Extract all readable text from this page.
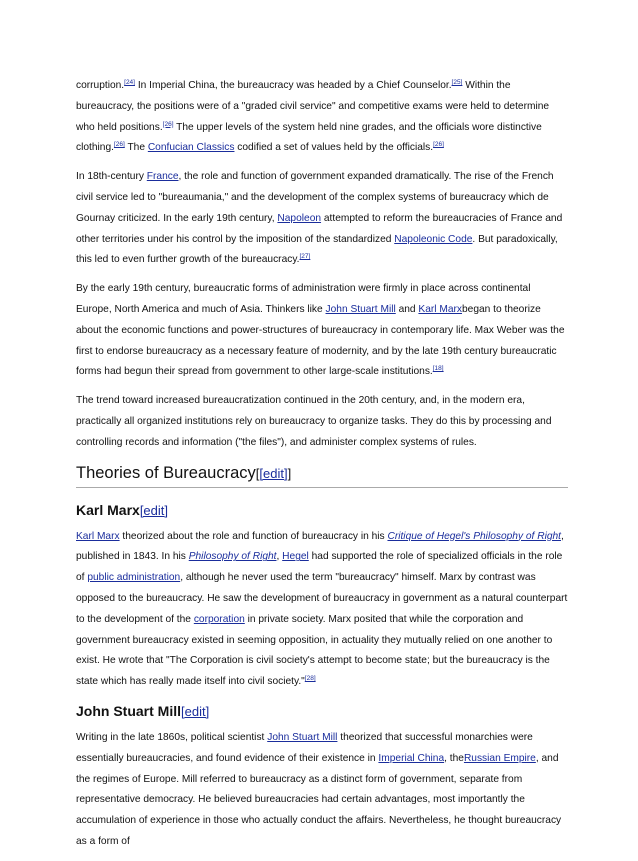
corruption.[24] In Imperial China, the bureaucracy was headed by a Chief Counselor.[25] Within the bureaucracy, the positions were of a "graded civil service" and competitive exams were held to determine who held positions.[26] The upper levels of the system held nine grades, and the officials wore distinctive clothing.[26] The Confucian Classics codified a set of values held by the officials.[26]

In 18th-century France, the role and function of government expanded dramatically. The rise of the French civil service led to "bureaumania," and the development of the complex systems of bureaucracy which de Gournay criticized. In the early 19th century, Napoleon attempted to reform the bureaucracies of France and other territories under his control by the imposition of the standardized Napoleonic Code. But paradoxically, this led to even further growth of the bureaucracy.[27]

By the early 19th century, bureaucratic forms of administration were firmly in place across continental Europe, North America and much of Asia. Thinkers like John Stuart Mill and Karl Marxbegan to theorize about the economic functions and power-structures of bureaucracy in contemporary life. Max Weber was the first to endorse bureaucracy as a necessary feature of modernity, and by the late 19th century bureaucratic forms had begun their spread from government to other large-scale institutions.[18]

The trend toward increased bureaucratization continued in the 20th century, and, in the modern era, practically all organized institutions rely on bureaucracy to organize tasks. They do this by processing and controlling records and information ("the files"), and administer complex systems of rules.

Theories of Bureaucracy[[edit]]
Karl Marx[edit]

Karl Marx theorized about the role and function of bureaucracy in his Critique of Hegel's Philosophy of Right, published in 1843. In his Philosophy of Right, Hegel had supported the role of specialized officials in the role of public administration, although he never used the term "bureaucracy" himself. Marx by contrast was opposed to the bureaucracy. He saw the development of bureaucracy in government as a natural counterpart to the development of the corporation in private society. Marx posited that while the corporation and government bureaucracy existed in seeming opposition, in actuality they mutually relied on one another to exist. He wrote that "The Corporation is civil society's attempt to become state; but the bureaucracy is the state which has really made itself into civil society."[28]

John Stuart Mill[edit]

Writing in the late 1860s, political scientist John Stuart Mill theorized that successful monarchies were essentially bureaucracies, and found evidence of their existence in Imperial China, theRussian Empire, and the regimes of Europe. Mill referred to bureaucracy as a distinct form of government, separate from representative democracy. He believed bureaucracies had certain advantages, most importantly the accumulation of experience in those who actually conduct the affairs. Nevertheless, he thought bureaucracy as a form of
